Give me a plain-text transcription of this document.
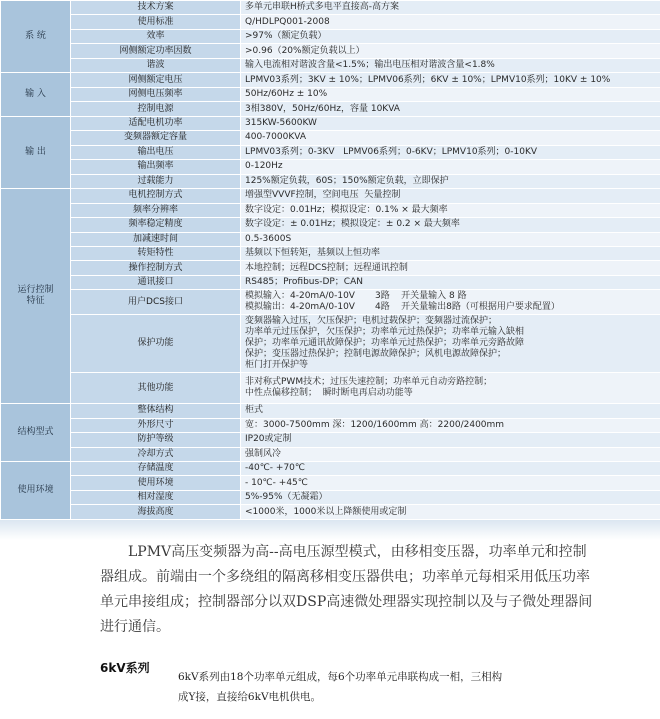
系 统	技术方案	多单元串联H桥式多电平直接高-高方案
	使用标准	Q/HDLPQ001-2008
	效率	>97%（额定负载）
	网侧额定功率因数	>0.96（20%额定负载以上）
	谐波	输入电流相对谐波含量<1.5%；输出电压相对谐波含量<1.8%
输 入	网侧额定电压	LPMV03系列；3KV ± 10%；LPMV06系列；6KV ± 10%；LPMV10系列；10KV ± 10%
	网侧电压频率	50Hz/60Hz ± 10%
	控制电源	3相380V，50Hz/60Hz，容量 10KVA
输 出	适配电机功率	315KW-5600KW
	变频器额定容量	400-7000KVA
	输出电压	LPMV03系列；0-3KV   LPMV06系列；0-6KV；LPMV10系列；0-10KV
	输出频率	0-120Hz
	过载能力	125%额定负载，60S；150%额定负载，立即保护
运行控制
特征	电机控制方式	增强型VVVF控制，空间电压  矢量控制
	频率分辨率	数字设定：0.01Hz；模拟设定：0.1% × 最大频率
	频率稳定精度	数字设定：± 0.01Hz；模拟设定：± 0.2 × 最大频率
	加减速时间	0.5-3600S
	转矩特性	基频以下恒转矩，基频以上恒功率
	操作控制方式	本地控制；远程DCS控制；远程通讯控制
	通讯接口	RS485；Profibus-DP；CAN
	用户DCS接口	模拟输入：4-20mA/0-10V       3路    开关量输入 8 路
模拟输出：4-20mA/0-10V       4路    开关量输出8路（可根据用户要求配置）
	保护功能	变频器输入过压，欠压保护；电机过载保护；变频器过流保护；
功率单元过压保护，欠压保护；功率单元过热保护；功率单元输入缺相
保护；功率单元通讯故障保护；功率单元过热保护；功率单元旁路故障
保护；变压器过热保护；控制电源故障保护；风机电源故障保护；
柜门打开保护等
	其他功能	非对称式PWM技术；过压失速控制；功率单元自动旁路控制；
中性点偏移控制；  瞬时断电再启动功能等
结构型式	整体结构	柜式
	外形尺寸	宽：3000-7500mm 深：1200/1600mm 高：2200/2400mm
	防护等级	IP20或定制
	冷却方式	强制风冷
使用环境	存储温度	-40℃- +70℃
	使用环境	- 10℃- +45℃
	相对湿度	5%-95%（无凝霜）
	海拔高度	<1000米，1000米以上降额使用或定制

LPMV高压变频器为高--高电压源型模式，由移相变压器，功率单元和控制器组成。前端由一个多绕组的隔离移相变压器供电；功率单元每相采用低压功率单元串接组成；控制器部分以双DSP高速微处理器实现控制以及与子微处理器间进行通信。

6kV系列

6kV系列由18个功率单元组成，每6个功率单元串联构成一相，三相构成Y接，直接给6kV电机供电。
